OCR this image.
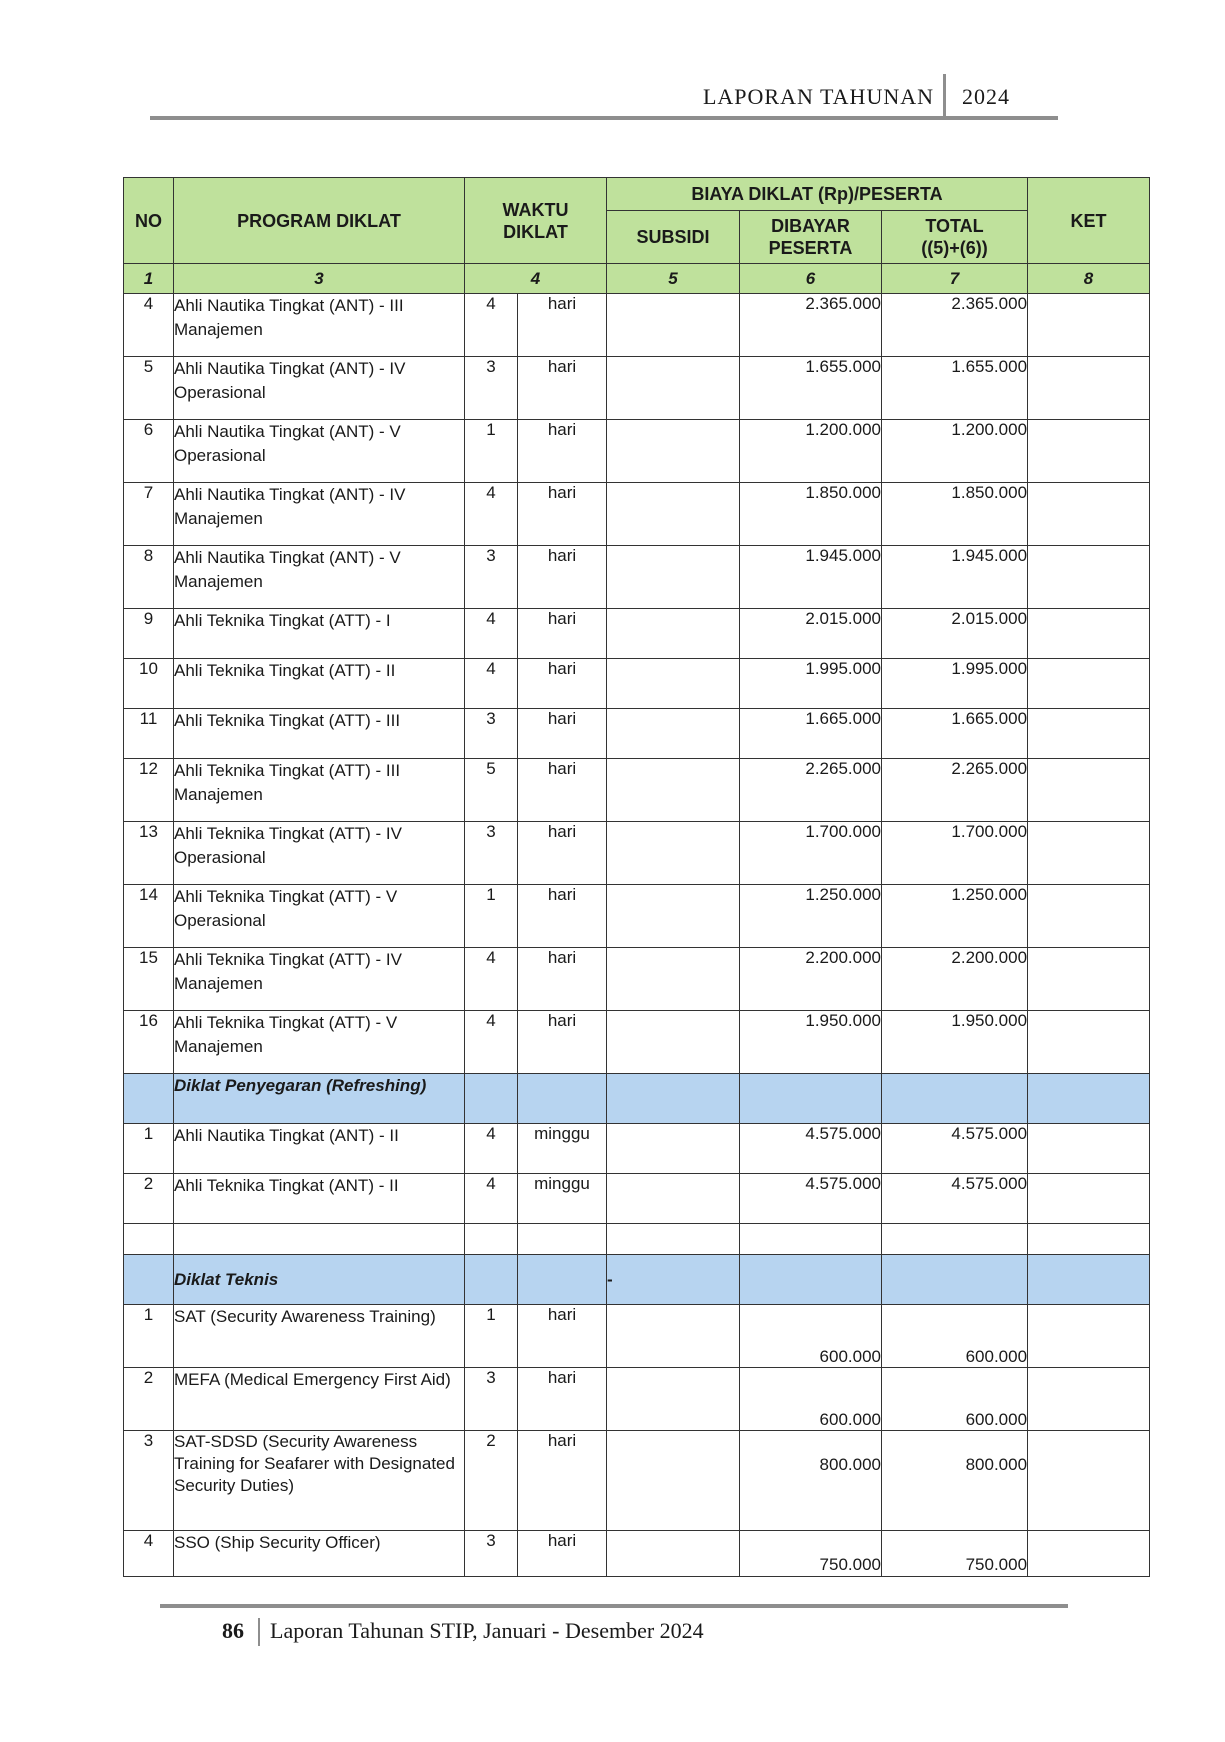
LAPORAN TAHUNAN 2024
NO	PROGRAM DIKLAT	WAKTU DIKLAT		BIAYA DIKLAT (Rp)/PESERTA			KET
				SUBSIDI	DIBAYAR PESERTA	TOTAL ((5)+(6))	
1	3	4		5	6	7	8
4	Ahli Nautika Tingkat (ANT) - III Manajemen	4	hari		2.365.000	2.365.000	
5	Ahli Nautika Tingkat (ANT) - IV Operasional	3	hari		1.655.000	1.655.000	
6	Ahli Nautika Tingkat (ANT) - V Operasional	1	hari		1.200.000	1.200.000	
7	Ahli Nautika Tingkat (ANT) - IV Manajemen	4	hari		1.850.000	1.850.000	
8	Ahli Nautika Tingkat (ANT) - V Manajemen	3	hari		1.945.000	1.945.000	
9	Ahli Teknika Tingkat (ATT) - I	4	hari		2.015.000	2.015.000	
10	Ahli Teknika Tingkat (ATT) - II	4	hari		1.995.000	1.995.000	
11	Ahli Teknika Tingkat (ATT) - III	3	hari		1.665.000	1.665.000	
12	Ahli Teknika Tingkat (ATT) - III Manajemen	5	hari		2.265.000	2.265.000	
13	Ahli Teknika Tingkat (ATT) - IV Operasional	3	hari		1.700.000	1.700.000	
14	Ahli Teknika Tingkat (ATT) - V Operasional	1	hari		1.250.000	1.250.000	
15	Ahli Teknika Tingkat (ATT) - IV Manajemen	4	hari		2.200.000	2.200.000	
16	Ahli Teknika Tingkat (ATT) - V Manajemen	4	hari		1.950.000	1.950.000	
	Diklat Penyegaran (Refreshing)						
1	Ahli Nautika Tingkat (ANT) - II	4	minggu		4.575.000	4.575.000	
2	Ahli Teknika Tingkat (ANT) - II	4	minggu		4.575.000	4.575.000	

	Diklat Teknis			-			
1	SAT (Security Awareness Training)	1	hari		600.000	600.000	
2	MEFA (Medical Emergency First Aid)	3	hari		600.000	600.000	
3	SAT-SDSD (Security Awareness Training for Seafarer with Designated Security Duties)	2	hari		800.000	800.000	
4	SSO (Ship Security Officer)	3	hari		750.000	750.000	
86 Laporan Tahunan STIP, Januari - Desember 2024
